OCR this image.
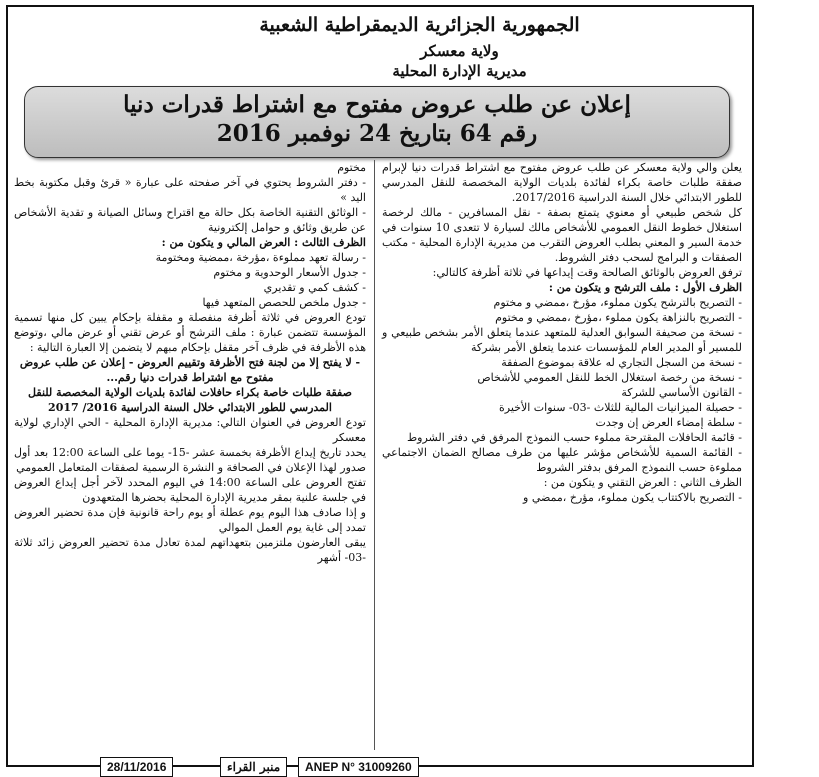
الجمهورية الجزائرية الديمقراطية الشعبية
ولاية معسكر
مديرية الإدارة المحلية
إعلان عن طلب عروض مفتوح مع اشتراط قدرات دنيا
رقم 64 بتاريخ 24 نوفمبر 2016

يعلن والي ولاية معسكر عن طلب عروض مفتوح مع اشتراط قدرات دنيا لإبرام صفقة طلبات خاصة بكراء لفائدة بلديات الولاية المخصصة للنقل المدرسي للطور الابتدائي خلال السنة الدراسية 2017/2016.

كل شخص طبيعي أو معنوي يتمتع بصفة - نقل المسافرين - مالك لرخصة استغلال خطوط النقل العمومي للأشخاص مالك لسيارة لا تتعدى 10 سنوات في خدمة السير و المعني بطلب العروض التقرب من مديرية الإدارة المحلية - مكتب الصفقات و البرامج لسحب دفتر الشروط.

ترفق العروض بالوثائق الصالحة وقت إيداعها في ثلاثة أظرفة كالتالي:

الظرف الأول : ملف الترشح و يتكون من :

- التصريح بالترشح يكون مملوء، مؤرخ ،ممضي و مختوم

- التصريح بالنزاهة يكون مملوء ،مؤرخ ،ممضي و مختوم

- نسخة من صحيفة السوابق العدلية للمتعهد عندما يتعلق الأمر بشخص طبيعي و للمسير أو المدير العام للمؤسسات عندما يتعلق الأمر بشركة

- نسخة من السجل التجاري له علاقة بموضوع الصفقة

- نسخة من رخصة استغلال الخط للنقل العمومي للأشخاص

- القانون الأساسي للشركة

- حصيلة الميزانيات المالية للثلاث -03- سنوات الأخيرة

- سلطة إمضاء العرض إن وجدت

- قائمة الحافلات المقترحة مملوء حسب النموذج المرفق في دفتر الشروط

- القائمة السمية للأشخاص مؤشر عليها من طرف مصالح الضمان الاجتماعي مملوءة حسب النموذج المرفق بدفتر الشروط

الظرف الثاني : العرض التقني و يتكون من :

- التصريح بالاكتتاب يكون مملوء، مؤرخ ،ممضي و

مختوم

- دفتر الشروط يحتوي في آخر صفحته على عبارة « قرئ وقبل مكتوبة بخط اليد »

- الوثائق التقنية الخاصة بكل حالة مع اقتراح وسائل الصيانة و تقدية الأشخاص عن طريق وثائق و حوامل إلكترونية

الظرف الثالث : العرض المالي و يتكون من :

- رسالة تعهد مملوءة ،مؤرخة ،ممضية ومختومة

- جدول الأسعار الوحدوية و مختوم

- كشف كمي و تقديري

- جدول ملخص للحصص المتعهد فيها

تودع العروض في ثلاثة أظرفة منفصلة و مقفلة بإحكام يبين كل منها تسمية المؤسسة تتضمن عبارة : ملف الترشح أو عرض تقني أو عرض مالي ،وتوضع هذه الأظرفة في ظرف آخر مقفل بإحكام مبهم لا يتضمن إلا العبارة التالية :

- لا يفتح إلا من لجنة فتح الأظرفة وتقييم العروض - إعلان عن طلب عروض مفتوح مع اشتراط قدرات دنيا رقم...

صفقة طلبات خاصة بكراء حافلات لفائدة بلديات الولاية المخصصة للنقل المدرسي للطور الابتدائي خلال السنة الدراسية 2016/ 2017

تودع العروض في العنوان التالي: مديرية الإدارة المحلية - الحي الإداري لولاية معسكر

يحدد تاريخ إيداع الأظرفة بخمسة عشر -15- يوما على الساعة 12:00 بعد أول صدور لهذا الإعلان في الصحافة و النشرة الرسمية لصفقات المتعامل العمومي

تفتح العروض على الساعة 14:00 في اليوم المحدد لآخر أجل إيداع العروض في جلسة علنية بمقر مديرية الإدارة المحلية بحضرها المتعهدون

و إذا صادف هذا اليوم يوم عطلة أو يوم راحة قانونية فإن مدة تحضير العروض تمدد إلى غاية يوم العمل الموالي

يبقى العارضون ملتزمين بتعهداتهم لمدة تعادل مدة تحضير العروض زائد ثلاثة -03- أشهر

ANEP N° 31009260
منبر القراء
28/11/2016
